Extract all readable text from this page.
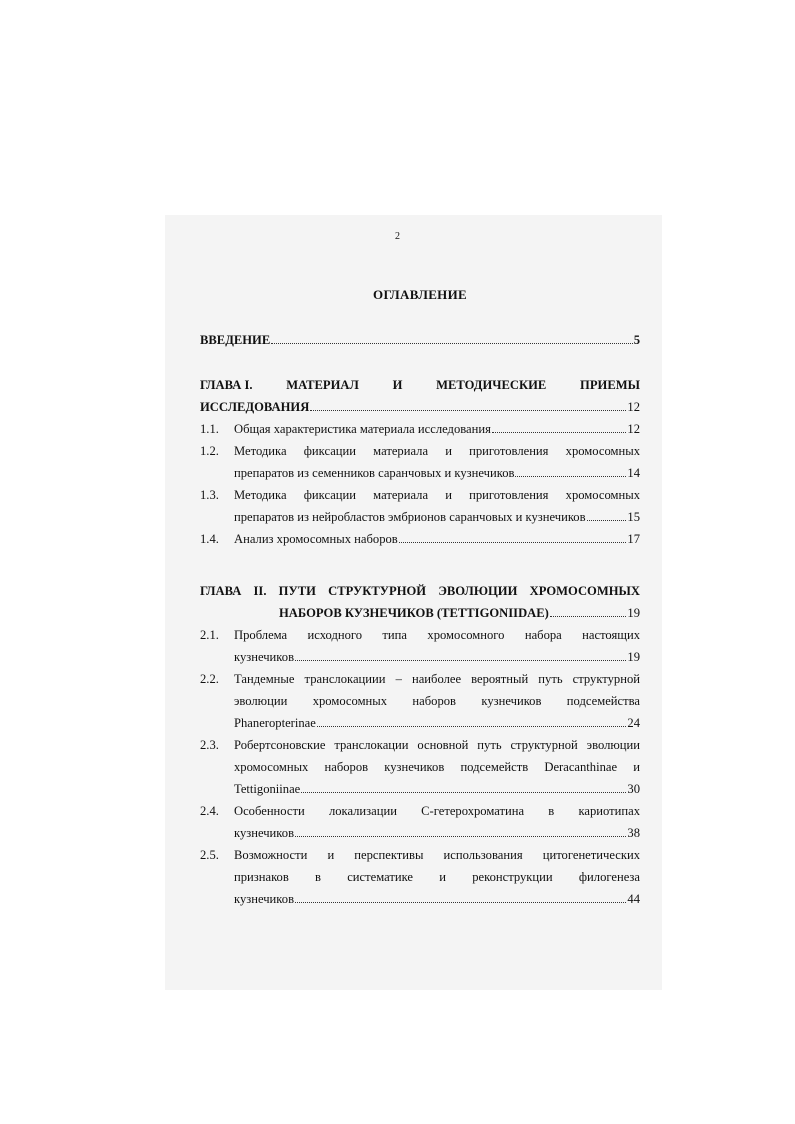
2
ОГЛАВЛЕНИЕ
ВВЕДЕНИЕ	5
ГЛАВА I.	МАТЕРИАЛ	И	МЕТОДИЧЕСКИЕ	ПРИЕМЫ
ИССЛЕДОВАНИЯ	12
1.1. Общая характеристика материала исследования	12
1.2. Методика фиксации материала и приготовления хромосомных
препаратов из семенников саранчовых и кузнечиков	14
1.3. Методика фиксации материала и приготовления хромосомных
препаратов из нейробластов эмбрионов саранчовых и кузнечиков	15
1.4. Анализ хромосомных наборов	17
ГЛАВА II. ПУТИ СТРУКТУРНОЙ ЭВОЛЮЦИИ ХРОМОСОМНЫХ
НАБОРОВ КУЗНЕЧИКОВ (TETTIGONIIDAE)	19
2.1. Проблема исходного типа хромосомного набора настоящих
кузнечиков	19
2.2. Тандемные транслокациии – наиболее вероятный путь структурной
эволюции хромосомных наборов кузнечиков подсемейства
Phaneropterinae	24
2.3. Робертсоновские транслокации основной путь структурной эволюции
хромосомных наборов кузнечиков подсемейств Deracanthinae и
Tettigoniinae	30
2.4. Особенности локализации С-гетерохроматина в кариотипах
кузнечиков	38
2.5. Возможности и перспективы использования цитогенетических
признаков в систематике и реконструкции филогенеза
кузнечиков	44
